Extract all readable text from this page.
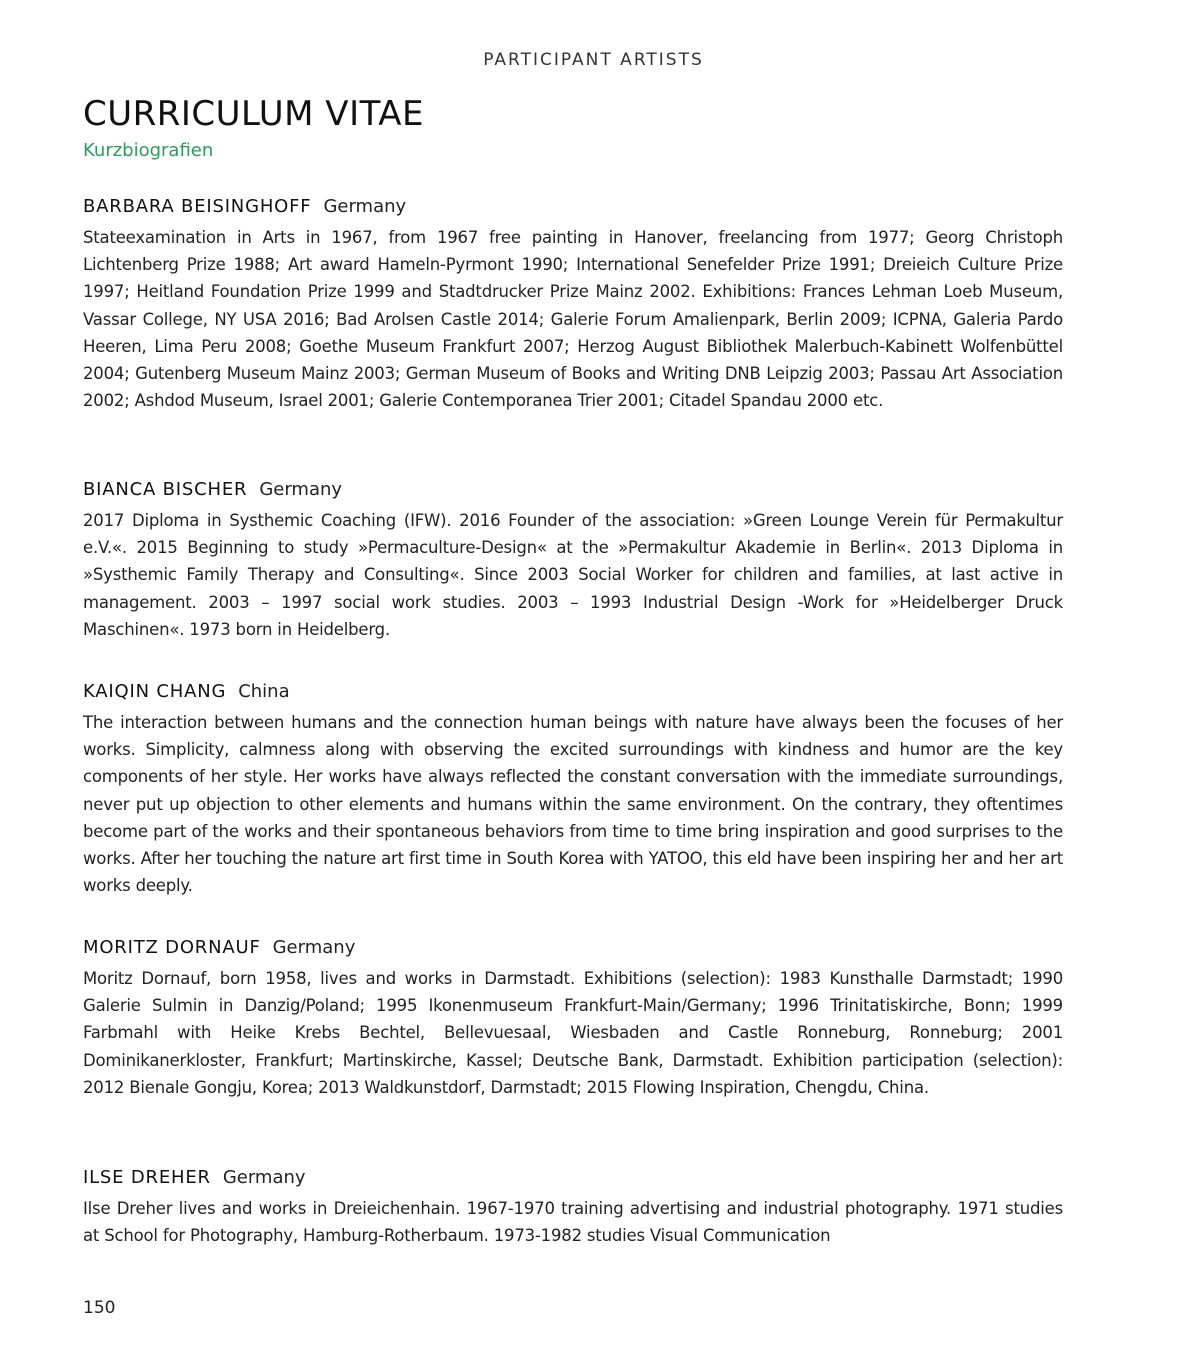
PARTICIPANT ARTISTS
CURRICULUM VITAE
Kurzbiografien
BARBARA BEISINGHOFF Germany
Stateexamination in Arts in 1967, from 1967 free painting in Hanover, freelancing from 1977; Georg Christoph Lichtenberg Prize 1988; Art award Hameln-Pyrmont 1990; International Senefelder Prize 1991; Dreieich Culture Prize 1997; Heitland Foundation Prize 1999 and Stadtdrucker Prize Mainz 2002. Exhibitions: Frances Lehman Loeb Museum, Vassar College, NY USA 2016; Bad Arolsen Castle 2014; Galerie Forum Amalienpark, Berlin 2009; ICPNA, Galeria Pardo Heeren, Lima Peru 2008; Goethe Museum Frankfurt 2007; Herzog August Bibliothek Malerbuch-Kabinett Wolfenbüttel 2004; Gutenberg Museum Mainz 2003; German Museum of Books and Writing DNB Leipzig 2003; Passau Art Association 2002; Ashdod Museum, Israel 2001; Galerie Contemporanea Trier 2001; Citadel Spandau 2000 etc.
BIANCA BISCHER Germany
2017 Diploma in Systhemic Coaching (IFW). 2016 Founder of the association: »Green Lounge Verein für Permakultur e.V.«. 2015 Beginning to study »Permaculture-Design« at the »Permakultur Akademie in Berlin«. 2013 Diploma in »Systhemic Family Therapy and Consulting«. Since 2003 Social Worker for children and families, at last active in management. 2003 – 1997 social work studies. 2003 – 1993 Industrial Design -Work for »Heidelberger Druck Maschinen«. 1973 born in Heidelberg.
KAIQIN CHANG China
The interaction between humans and the connection human beings with nature have always been the focuses of her works. Simplicity, calmness along with observing the excited surroundings with kindness and humor are the key components of her style. Her works have always reflected the constant conversation with the immediate surroundings, never put up objection to other elements and humans within the same environment. On the contrary, they oftentimes become part of the works and their spontaneous behaviors from time to time bring inspiration and good surprises to the works. After her touching the nature art first time in South Korea with YATOO, this eld have been inspiring her and her art works deeply.
MORITZ DORNAUF Germany
Moritz Dornauf, born 1958, lives and works in Darmstadt. Exhibitions (selection): 1983 Kunsthalle Darmstadt; 1990 Galerie Sulmin in Danzig/Poland; 1995 Ikonenmuseum Frankfurt-Main/Germany; 1996 Trinitatiskirche, Bonn; 1999 Farbmahl with Heike Krebs Bechtel, Bellevuesaal, Wiesbaden and Castle Ronneburg, Ronneburg; 2001 Dominikanerkloster, Frankfurt; Martinskirche, Kassel; Deutsche Bank, Darmstadt. Exhibition participation (selection): 2012 Bienale Gongju, Korea; 2013 Waldkunstdorf, Darmstadt; 2015 Flowing Inspiration, Chengdu, China.
ILSE DREHER Germany
Ilse Dreher lives and works in Dreieichenhain. 1967-1970 training advertising and industrial photography. 1971 studies at School for Photography, Hamburg-Rotherbaum. 1973-1982 studies Visual Communication
150
